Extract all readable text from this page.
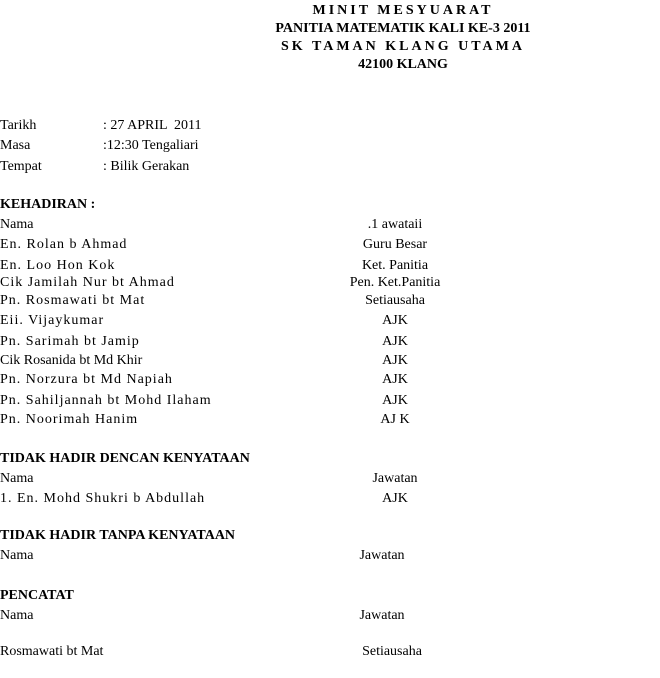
MINIT MESYUARAT
PANITIA MATEMATIK KALI KE-3 2011
SK TAMAN KLANG UTAMA
42100 KLANG
Tarikh	: 27 APRIL  2011
Masa	:12:30 Tengaliari
Tempat	: Bilik Gerakan
KEHADIRAN :
Nama	.1 awataii
En. Rolan b Ahmad	Guru Besar
En. Loo Hon Kok	Ket. Panitia
Cik Jamilah Nur bt Ahmad	Pen. Ket.Panitia
Pn. Rosmawati bt Mat	Setiausaha
Eii. Vijaykumar	AJK
Pn. Sarimah bt Jamip	AJK
Cik Rosanida bt Md Khir	AJK
Pn. Norzura bt Md Napiah	AJK
Pn. Sahiljannah bt Mohd Ilaham	AJK
Pn. Noorimah Hanim	AJ K
TIDAK HADIR DENCAN KENYATAAN
Nama	Jawatan
1. En. Mohd Shukri b Abdullah	AJK
TIDAK HADIR TANPA KENYATAAN
Nama	Jawatan
PENCATAT
Nama	Jawatan
Rosmawati bt Mat	Setiausaha
